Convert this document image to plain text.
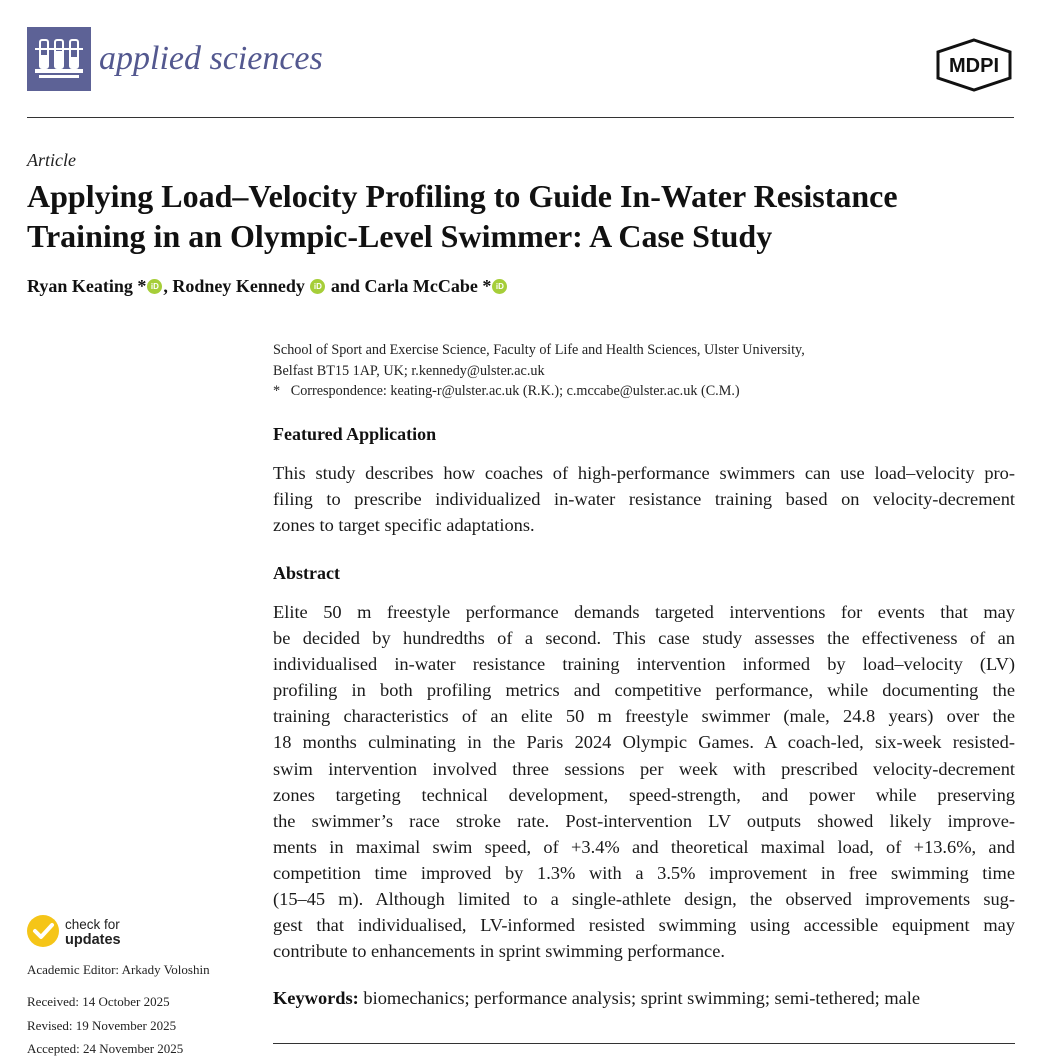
applied sciences	MDPI
Article
Applying Load–Velocity Profiling to Guide In-Water Resistance
Training in an Olympic-Level Swimmer: A Case Study
Ryan Keating * iD , Rodney Kennedy iD and Carla McCabe * iD
School of Sport and Exercise Science, Faculty of Life and Health Sciences, Ulster University,
Belfast BT15 1AP, UK; r.kennedy@ulster.ac.uk
*   Correspondence: keating-r@ulster.ac.uk (R.K.); c.mccabe@ulster.ac.uk (C.M.)
Featured Application
This study describes how coaches of high-performance swimmers can use load–velocity pro-
filing to prescribe individualized in-water resistance training based on velocity-decrement
zones to target specific adaptations.
Abstract
Elite 50 m freestyle performance demands targeted interventions for events that may
be decided by hundredths of a second. This case study assesses the effectiveness of an
individualised in-water resistance training intervention informed by load–velocity (LV)
profiling in both profiling metrics and competitive performance, while documenting the
training characteristics of an elite 50 m freestyle swimmer (male, 24.8 years) over the
18 months culminating in the Paris 2024 Olympic Games. A coach-led, six-week resisted-
swim intervention involved three sessions per week with prescribed velocity-decrement
zones targeting technical development, speed-strength, and power while preserving
the swimmer’s race stroke rate. Post-intervention LV outputs showed likely improve-
ments in maximal swim speed, of +3.4% and theoretical maximal load, of +13.6%, and
competition time improved by 1.3% with a 3.5% improvement in free swimming time
(15–45 m). Although limited to a single-athlete design, the observed improvements sug-
gest that individualised, LV-informed resisted swimming using accessible equipment may
contribute to enhancements in sprint swimming performance.
Keywords: biomechanics; performance analysis; sprint swimming; semi-tethered; male
check for
updates
Academic Editor: Arkady Voloshin
Received: 14 October 2025
Revised: 19 November 2025
Accepted: 24 November 2025
